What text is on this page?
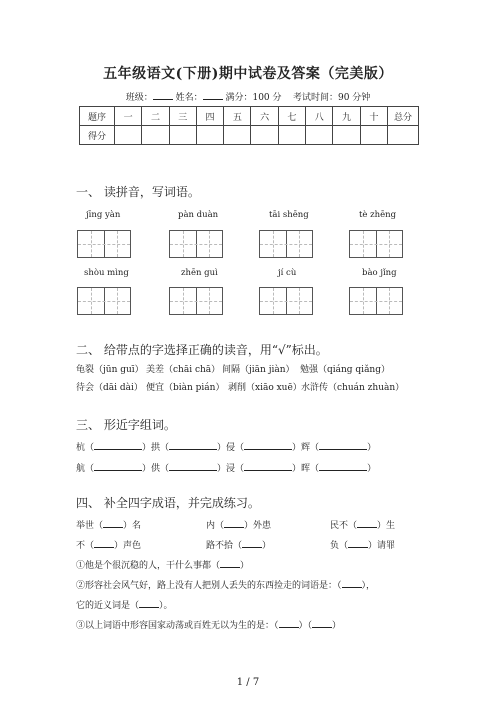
五年级语文(下册)期中试卷及答案（完美版）
班级：	姓名：	满分：100 分 考试时间：90 分钟
题序	一	二	三	四	五	六	七	八	九	十	总分
得分											
一、 读拼音，写词语。
jīng yàn	pàn duàn	tāi shēng	tè zhēng
shòu mìng	zhēn guì	jí cù	bào jǐng
二、 给带点的字选择正确的读音，用“√”标出。
龟裂（jūn guī） 美差（chāi chā） 间隔（jiān jiàn） 勉强（qiáng qiǎng）
待会（dāi dài） 便宜（biàn pián） 剥削（xiāo xuē） 水浒传（chuán zhuàn）
三、 形近字组词。
杭（	）拱（	）侵（	）辉（	）
航（	）供（	）浸（	）晖（	）
四、 补全四字成语，并完成练习。
举世（ ）名	内（ ）外患	民不（ ）生
不（ ）声色	路不拾（ ）	负（ ）请罪
①他是个很沉稳的人，干什么事都（ ）
②形容社会风气好，路上没有人把别人丢失的东西捡走的词语是：（ ），
它的近义词是（ ）。
③以上词语中形容国家动荡或百姓无以为生的是：（ ）（ ）
1 / 7
